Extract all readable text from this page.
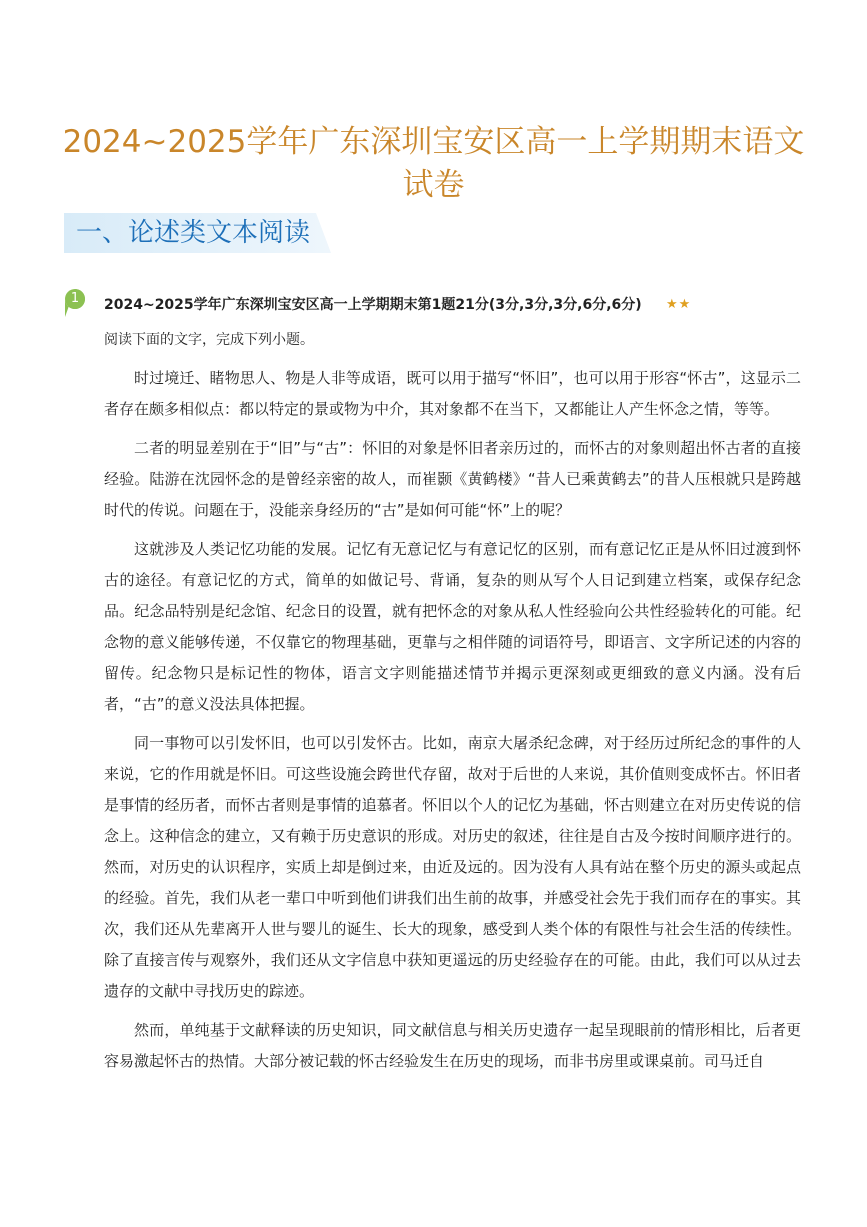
2024~2025学年广东深圳宝安区高一上学期期末语文试卷
一、论述类文本阅读
1	2024~2025学年广东深圳宝安区高一上学期期末第1题21分(3分,3分,3分,6分,6分) ★★
阅读下面的文字，完成下列小题。

时过境迁、睹物思人、物是人非等成语，既可以用于描写“怀旧”，也可以用于形容“怀古”，这显示二者存在颇多相似点：都以特定的景或物为中介，其对象都不在当下，又都能让人产生怀念之情，等等。

二者的明显差别在于“旧”与“古”：怀旧的对象是怀旧者亲历过的，而怀古的对象则超出怀古者的直接经验。陆游在沈园怀念的是曾经亲密的故人，而崔颢《黄鹤楼》“昔人已乘黄鹤去”的昔人压根就只是跨越时代的传说。问题在于，没能亲身经历的“古”是如何可能“怀”上的呢？

这就涉及人类记忆功能的发展。记忆有无意记忆与有意记忆的区别，而有意记忆正是从怀旧过渡到怀古的途径。有意记忆的方式，简单的如做记号、背诵，复杂的则从写个人日记到建立档案，或保存纪念品。纪念品特别是纪念馆、纪念日的设置，就有把怀念的对象从私人性经验向公共性经验转化的可能。纪念物的意义能够传递，不仅靠它的物理基础，更靠与之相伴随的词语符号，即语言、文字所记述的内容的留传。纪念物只是标记性的物体，语言文字则能描述情节并揭示更深刻或更细致的意义内涵。没有后者，“古”的意义没法具体把握。

同一事物可以引发怀旧，也可以引发怀古。比如，南京大屠杀纪念碑，对于经历过所纪念的事件的人来说，它的作用就是怀旧。可这些设施会跨世代存留，故对于后世的人来说，其价值则变成怀古。怀旧者是事情的经历者，而怀古者则是事情的追慕者。怀旧以个人的记忆为基础，怀古则建立在对历史传说的信念上。这种信念的建立，又有赖于历史意识的形成。对历史的叙述，往往是自古及今按时间顺序进行的。然而，对历史的认识程序，实质上却是倒过来，由近及远的。因为没有人具有站在整个历史的源头或起点的经验。首先，我们从老一辈口中听到他们讲我们出生前的故事，并感受社会先于我们而存在的事实。其次，我们还从先辈离开人世与婴儿的诞生、长大的现象，感受到人类个体的有限性与社会生活的传续性。除了直接言传与观察外，我们还从文字信息中获知更遥远的历史经验存在的可能。由此，我们可以从过去遗存的文献中寻找历史的踪迹。

然而，单纯基于文献释读的历史知识，同文献信息与相关历史遗存一起呈现眼前的情形相比，后者更容易激起怀古的热情。大部分被记载的怀古经验发生在历史的现场，而非书房里或课桌前。司马迁自
